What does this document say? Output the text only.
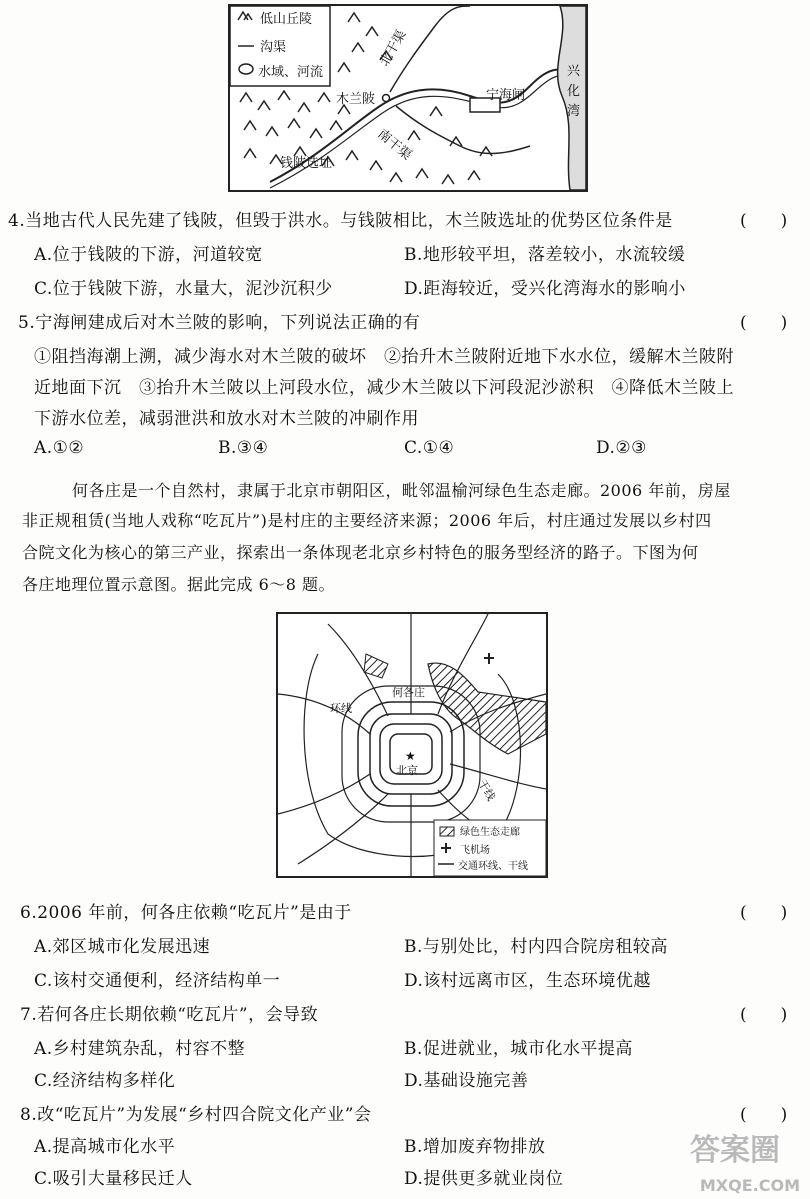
低山丘陵
沟渠
水域、河流
木兰陂
北干渠
南干渠
宁海闸
钱陂选址
兴化湾
4.当地古代人民先建了钱陂，但毁于洪水。与钱陂相比，木兰陂选址的优势区位条件是	(　　)
A.位于钱陂的下游，河道较宽	B.地形较平坦，落差较小，水流较缓
C.位于钱陂下游，水量大，泥沙沉积少	D.距海较近，受兴化湾海水的影响小
5.宁海闸建成后对木兰陂的影响，下列说法正确的有	(　　)
①阻挡海潮上溯，减少海水对木兰陂的破坏　②抬升木兰陂附近地下水水位，缓解木兰陂附
近地面下沉　③抬升木兰陂以上河段水位，减少木兰陂以下河段泥沙淤积　④降低木兰陂上
下游水位差，减弱泄洪和放水对木兰陂的冲刷作用
A.①②	B.③④	C.①④	D.②③
何各庄是一个自然村，隶属于北京市朝阳区，毗邻温榆河绿色生态走廊。2006 年前，房屋
非正规租赁(当地人戏称“吃瓦片”)是村庄的主要经济来源；2006 年后，村庄通过发展以乡村四
合院文化为核心的第三产业，探索出一条体现老北京乡村特色的服务型经济的路子。下图为何
各庄地理位置示意图。据此完成 6～8 题。
★
何各庄
环线
北京
干线
绿色生态走廊
飞机场
交通环线、干线
6.2006 年前，何各庄依赖“吃瓦片”是由于	(　　)
A.郊区城市化发展迅速	B.与别处比，村内四合院房租较高
C.该村交通便利，经济结构单一	D.该村远离市区，生态环境优越
7.若何各庄长期依赖“吃瓦片”，会导致	(　　)
A.乡村建筑杂乱，村容不整	B.促进就业，城市化水平提高
C.经济结构多样化	D.基础设施完善
8.改“吃瓦片”为发展“乡村四合院文化产业”会	(　　)
A.提高城市化水平	B.增加废弃物排放
C.吸引大量移民迁人	D.提供更多就业岗位
答案圈
MXQE.COM
